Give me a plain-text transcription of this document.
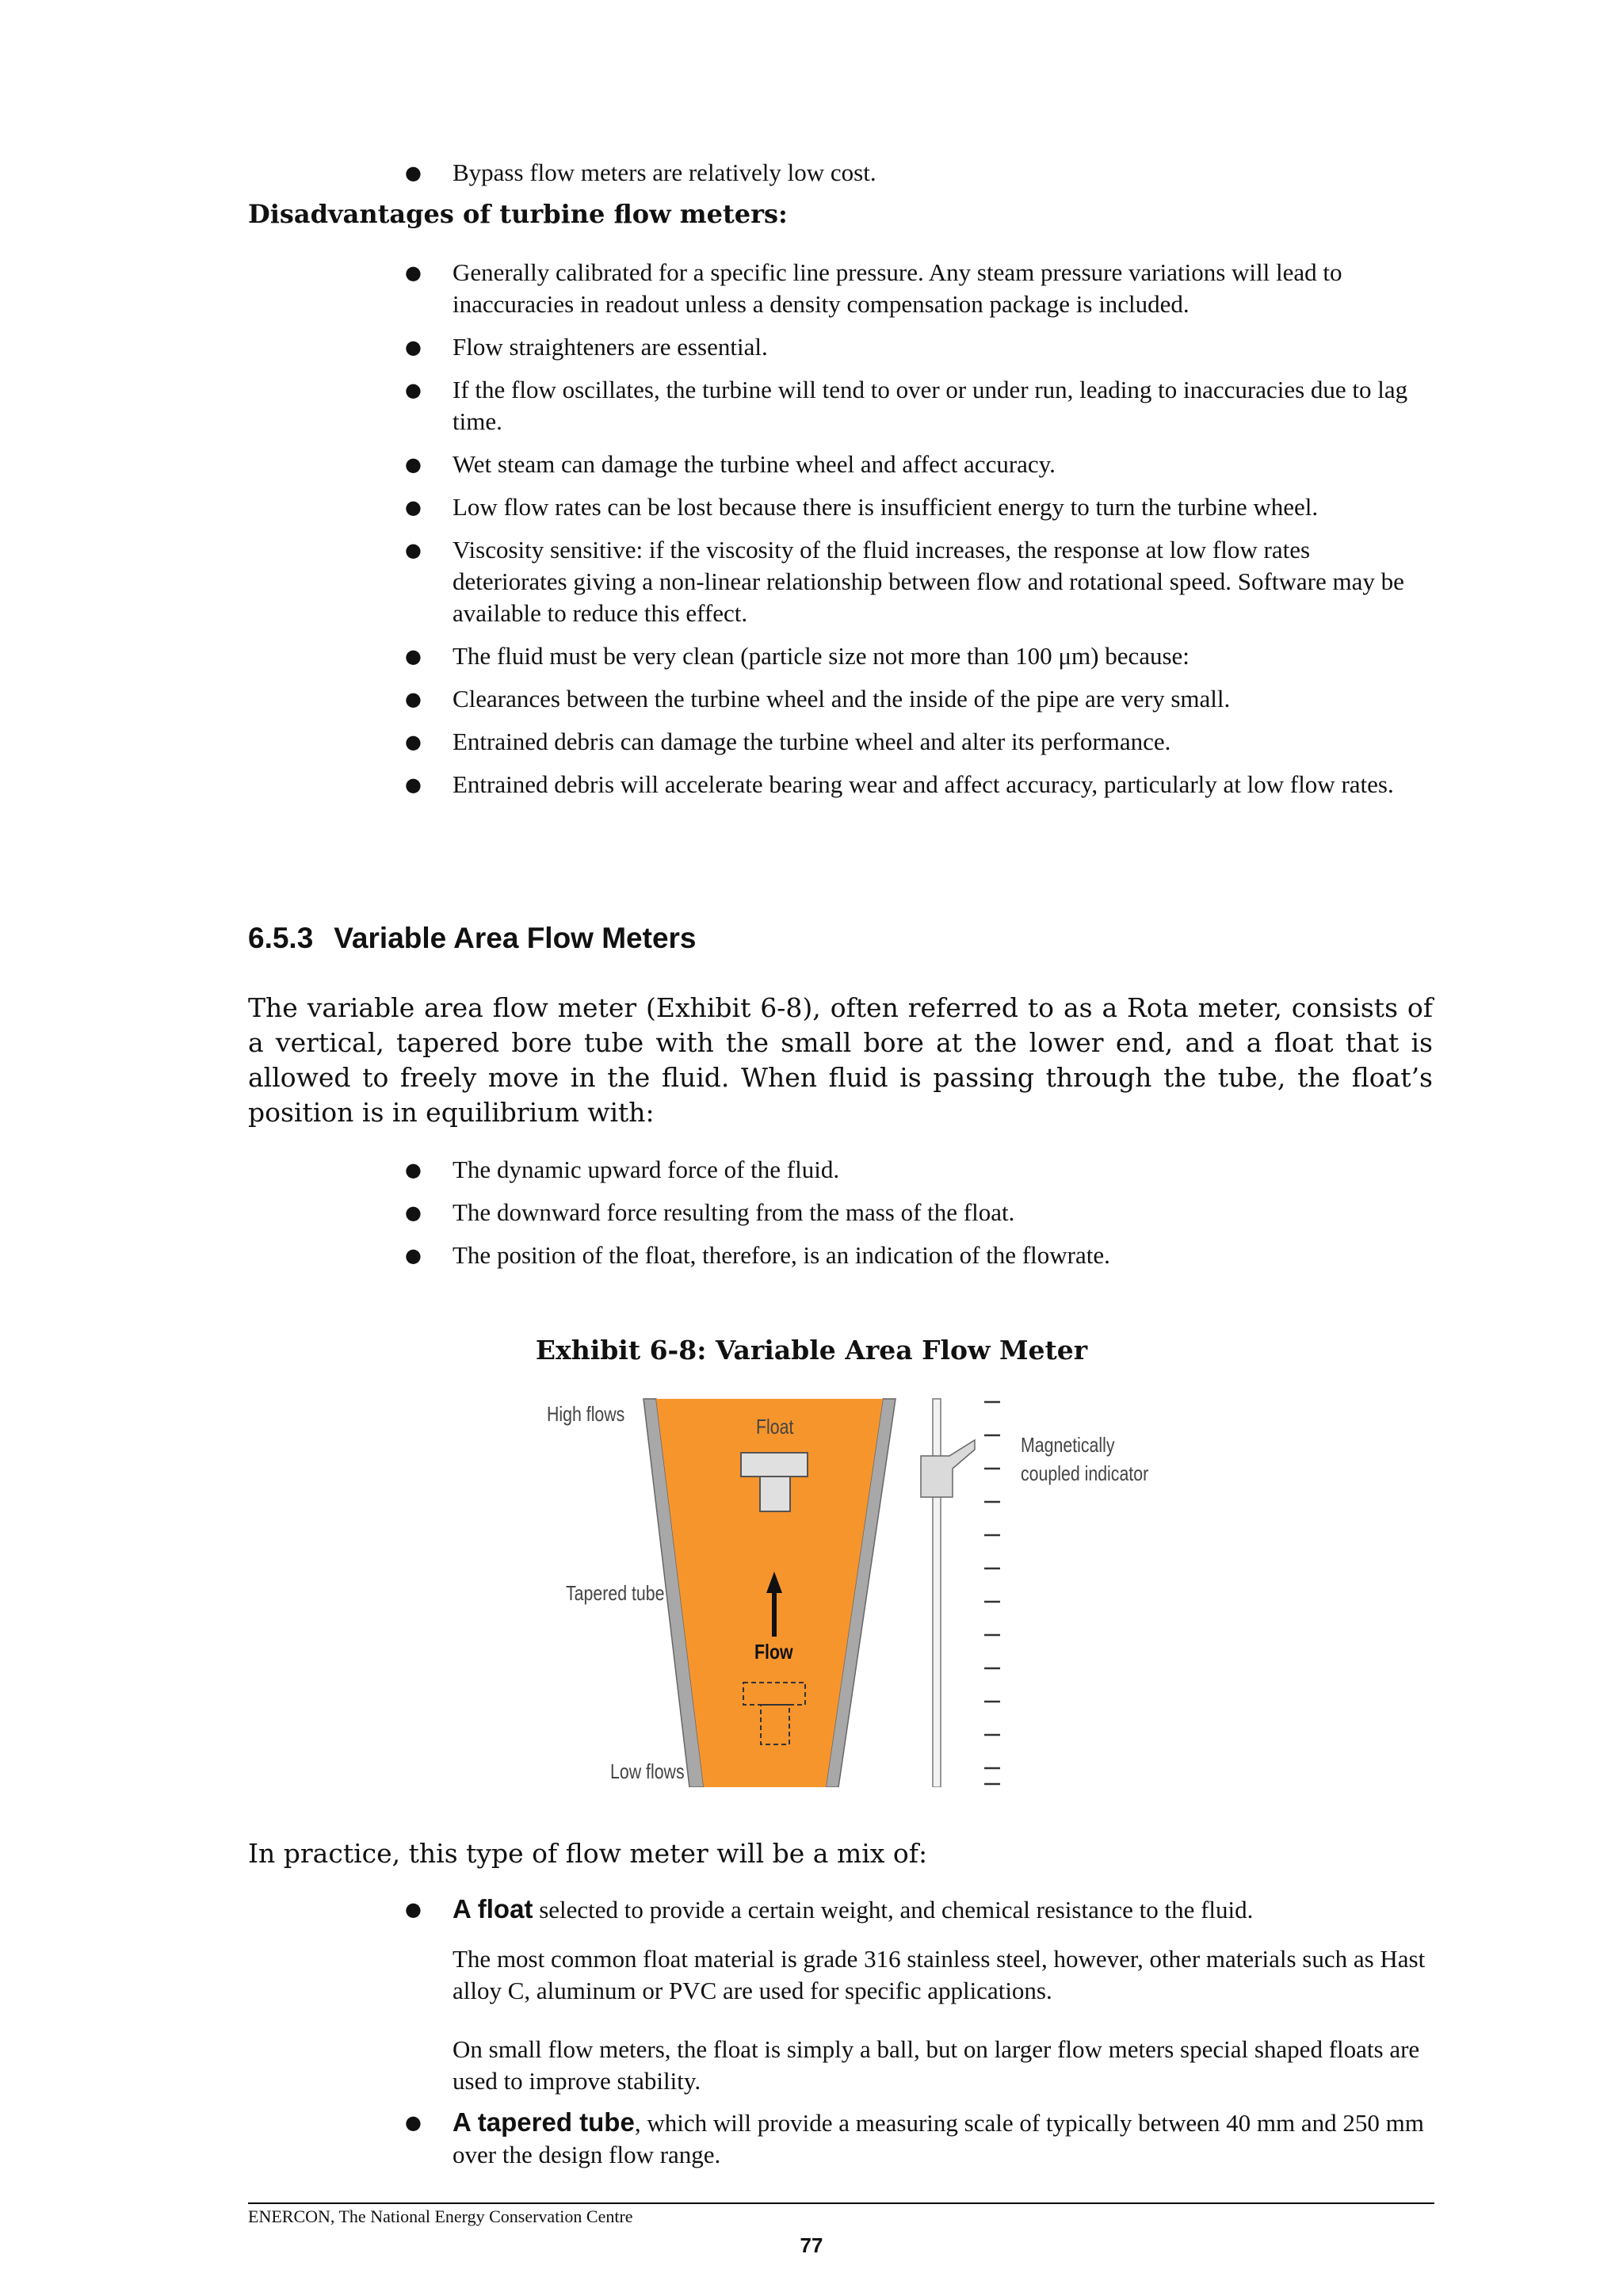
● Bypass flow meters are relatively low cost.
Disadvantages of turbine flow meters:
● Generally calibrated for a specific line pressure. Any steam pressure variations will lead to inaccuracies in readout unless a density compensation package is included.
● Flow straighteners are essential.
● If the flow oscillates, the turbine will tend to over or under run, leading to inaccuracies due to lag time.
● Wet steam can damage the turbine wheel and affect accuracy.
● Low flow rates can be lost because there is insufficient energy to turn the turbine wheel.
● Viscosity sensitive: if the viscosity of the fluid increases, the response at low flow rates deteriorates giving a non-linear relationship between flow and rotational speed. Software may be available to reduce this effect.
● The fluid must be very clean (particle size not more than 100 μm) because:
● Clearances between the turbine wheel and the inside of the pipe are very small.
● Entrained debris can damage the turbine wheel and alter its performance.
● Entrained debris will accelerate bearing wear and affect accuracy, particularly at low flow rates.
6.5.3 Variable Area Flow Meters

The variable area flow meter (Exhibit 6-8), often referred to as a Rota meter, consists of a vertical, tapered bore tube with the small bore at the lower end, and a float that is allowed to freely move in the fluid. When fluid is passing through the tube, the float’s position is in equilibrium with:

● The dynamic upward force of the fluid.
● The downward force resulting from the mass of the float.
● The position of the float, therefore, is an indication of the flowrate.
Exhibit 6-8: Variable Area Flow Meter
High flows
Float
Magnetically
coupled indicator
Tapered tube
Flow
Low flows

In practice, this type of flow meter will be a mix of:

● A float selected to provide a certain weight, and chemical resistance to the fluid.
The most common float material is grade 316 stainless steel, however, other materials such as Hast alloy C, aluminum or PVC are used for specific applications.
On small flow meters, the float is simply a ball, but on larger flow meters special shaped floats are used to improve stability.
● A tapered tube, which will provide a measuring scale of typically between 40 mm and 250 mm over the design flow range.
ENERCON, The National Energy Conservation Centre
77
